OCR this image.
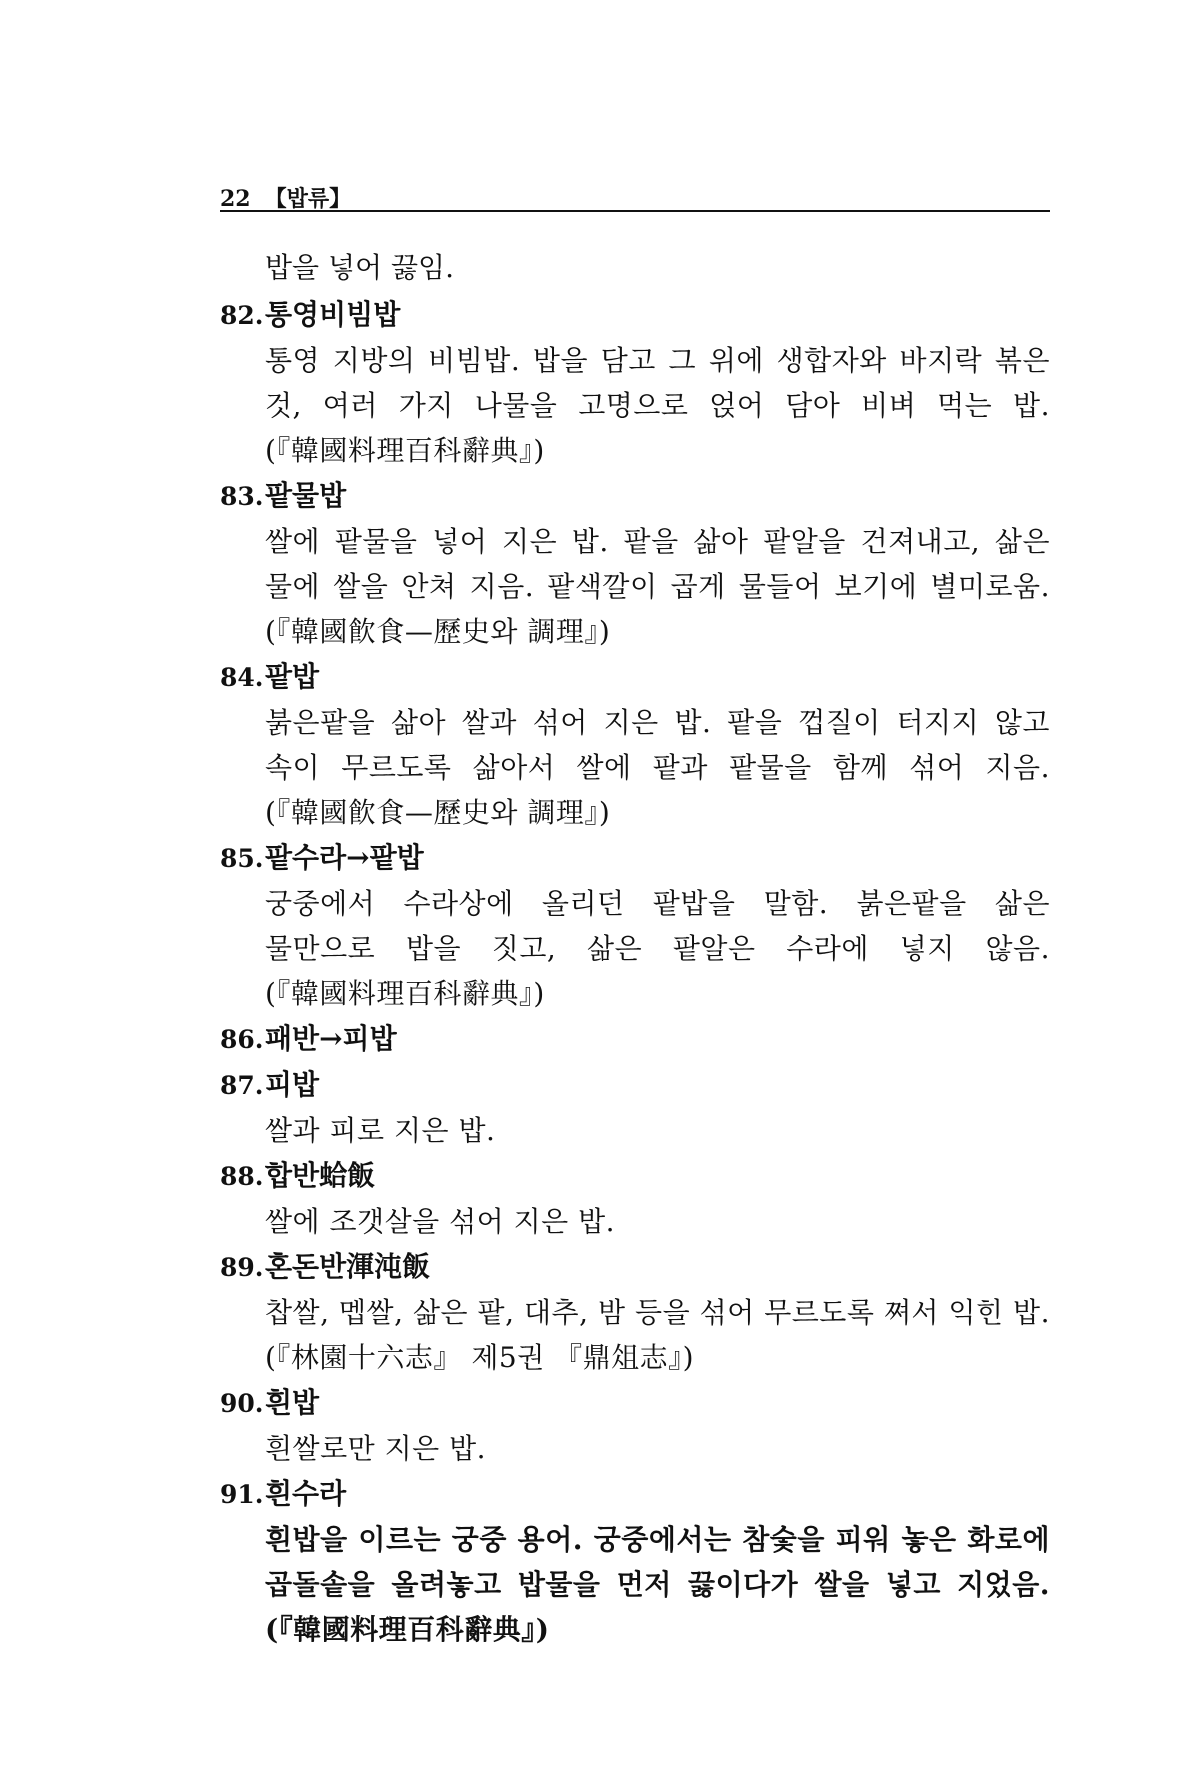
22 【밥류】
밥을 넣어 끓임.
82. 통영비빔밥
통영 지방의 비빔밥. 밥을 담고 그 위에 생합자와 바지락 볶은 것, 여러 가지 나물을 고명으로 얹어 담아 비벼 먹는 밥. (『韓國料理百科辭典』)
83. 팥물밥
쌀에 팥물을 넣어 지은 밥. 팥을 삶아 팥알을 건져내고, 삶은 물에 쌀을 안쳐 지음. 팥색깔이 곱게 물들어 보기에 별미로움. (『韓國飮食—歷史와 調理』)
84. 팥밥
붉은팥을 삶아 쌀과 섞어 지은 밥. 팥을 껍질이 터지지 않고 속이 무르도록 삶아서 쌀에 팥과 팥물을 함께 섞어 지음. (『韓國飮食—歷史와 調理』)
85. 팥수라→팥밥
궁중에서 수라상에 올리던 팥밥을 말함. 붉은팥을 삶은 물만으로 밥을 짓고, 삶은 팥알은 수라에 넣지 않음. (『韓國料理百科辭典』)
86. 패반→피밥
87. 피밥
쌀과 피로 지은 밥.
88. 합반蛤飯
쌀에 조갯살을 섞어 지은 밥.
89. 혼돈반渾沌飯
찹쌀, 멥쌀, 삶은 팥, 대추, 밤 등을 섞어 무르도록 쪄서 익힌 밥. (『林園十六志』 제5권 『鼎俎志』)
90. 흰밥
흰쌀로만 지은 밥.
91. 흰수라
흰밥을 이르는 궁중 용어. 궁중에서는 참숯을 피워 놓은 화로에 곱돌솥을 올려놓고 밥물을 먼저 끓이다가 쌀을 넣고 지었음. (『韓國料理百科辭典』)
